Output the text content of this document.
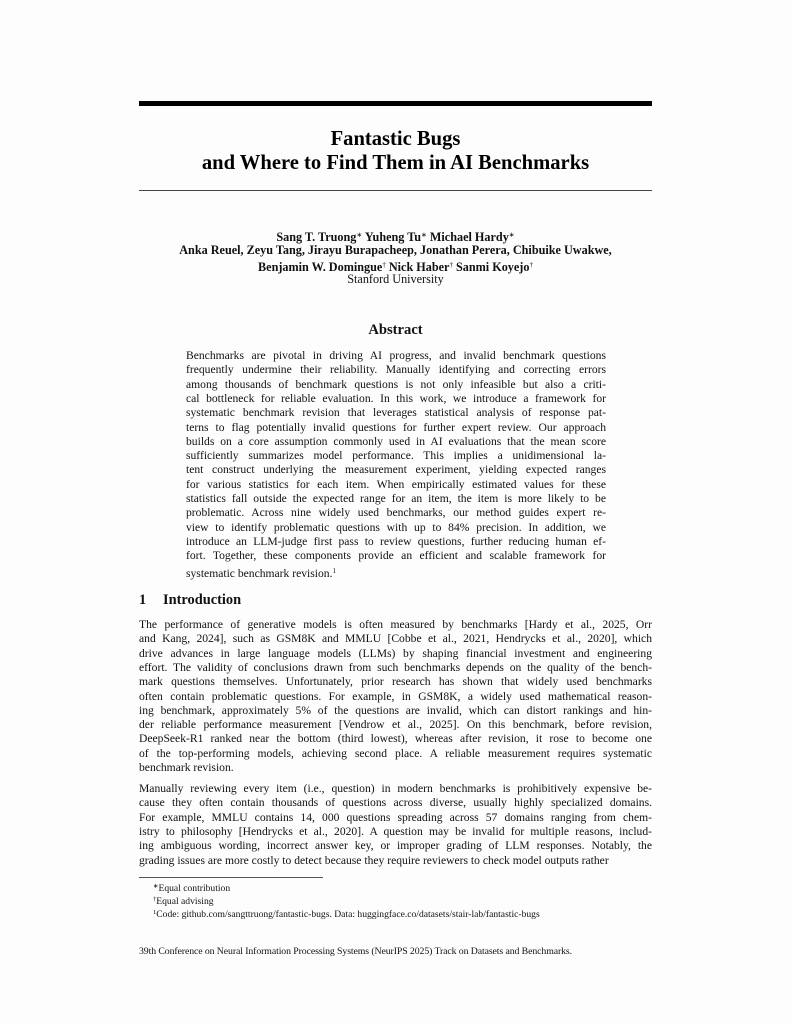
Fantastic Bugs
and Where to Find Them in AI Benchmarks
Sang T. Truong∗ Yuheng Tu∗ Michael Hardy∗
Anka Reuel, Zeyu Tang, Jirayu Burapacheep, Jonathan Perera, Chibuike Uwakwe,
Benjamin W. Domingue† Nick Haber† Sanmi Koyejo†
Stanford University
Abstract
Benchmarks are pivotal in driving AI progress, and invalid benchmark questions
frequently undermine their reliability. Manually identifying and correcting errors
among thousands of benchmark questions is not only infeasible but also a criti-
cal bottleneck for reliable evaluation. In this work, we introduce a framework for
systematic benchmark revision that leverages statistical analysis of response pat-
terns to flag potentially invalid questions for further expert review. Our approach
builds on a core assumption commonly used in AI evaluations that the mean score
sufficiently summarizes model performance. This implies a unidimensional la-
tent construct underlying the measurement experiment, yielding expected ranges
for various statistics for each item. When empirically estimated values for these
statistics fall outside the expected range for an item, the item is more likely to be
problematic. Across nine widely used benchmarks, our method guides expert re-
view to identify problematic questions with up to 84% precision. In addition, we
introduce an LLM-judge first pass to review questions, further reducing human ef-
fort. Together, these components provide an efficient and scalable framework for
systematic benchmark revision.$^1$
1 Introduction
The performance of generative models is often measured by benchmarks [Hardy et al., 2025, Orr
and Kang, 2024], such as GSM8K and MMLU [Cobbe et al., 2021, Hendrycks et al., 2020], which
drive advances in large language models (LLMs) by shaping financial investment and engineering
effort. The validity of conclusions drawn from such benchmarks depends on the quality of the bench-
mark questions themselves. Unfortunately, prior research has shown that widely used benchmarks
often contain problematic questions. For example, in GSM8K, a widely used mathematical reason-
ing benchmark, approximately 5% of the questions are invalid, which can distort rankings and hin-
der reliable performance measurement [Vendrow et al., 2025]. On this benchmark, before revision,
DeepSeek-R1 ranked near the bottom (third lowest), whereas after revision, it rose to become one
of the top-performing models, achieving second place. A reliable measurement requires systematic
benchmark revision.
Manually reviewing every item (i.e., question) in modern benchmarks is prohibitively expensive be-
cause they often contain thousands of questions across diverse, usually highly specialized domains.
For example, MMLU contains 14, 000 questions spreading across 57 domains ranging from chem-
istry to philosophy [Hendrycks et al., 2020]. A question may be invalid for multiple reasons, includ-
ing ambiguous wording, incorrect answer key, or improper grading of LLM responses. Notably, the
grading issues are more costly to detect because they require reviewers to check model outputs rather
∗Equal contribution
†Equal advising
$^1$Code: github.com/sangttruong/fantastic-bugs. Data: huggingface.co/datasets/stair-lab/fantastic-bugs
39th Conference on Neural Information Processing Systems (NeurIPS 2025) Track on Datasets and Benchmarks.
